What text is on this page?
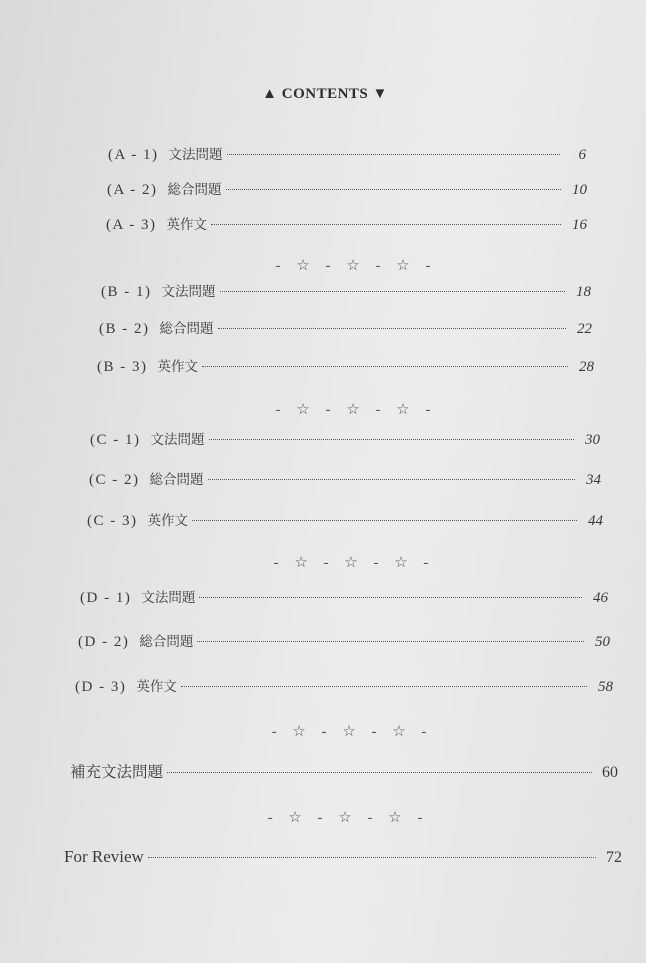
▲ CONTENTS ▼
(A - 1) 文法問題	6
(A - 2) 総合問題	10
(A - 3) 英作文	16
- ☆ - ☆ - ☆ -
(B - 1) 文法問題	18
(B - 2) 総合問題	22
(B - 3) 英作文	28
- ☆ - ☆ - ☆ -
(C - 1) 文法問題	30
(C - 2) 総合問題	34
(C - 3) 英作文	44
- ☆ - ☆ - ☆ -
(D - 1) 文法問題	46
(D - 2) 総合問題	50
(D - 3) 英作文	58
- ☆ - ☆ - ☆ -
補充文法問題	60
- ☆ - ☆ - ☆ -
For Review	72
